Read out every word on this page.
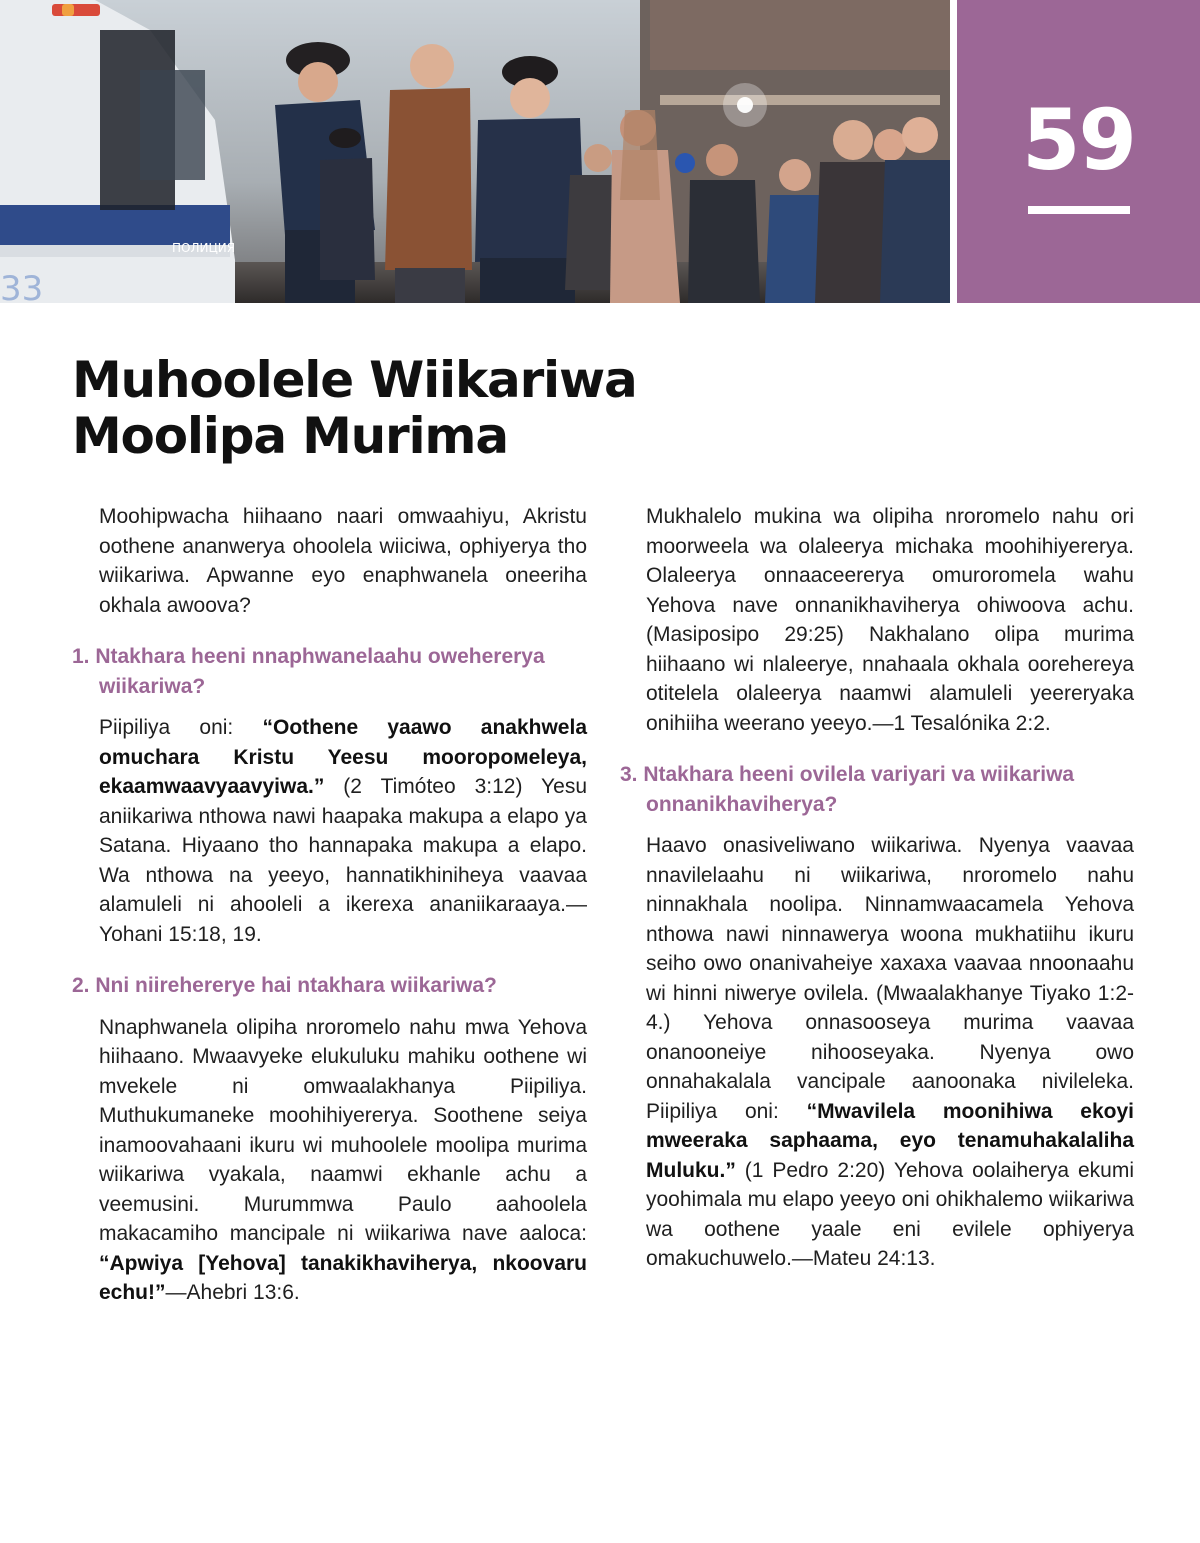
ПОЛИЦИЯ
33
59
Muhoolele Wiikariwa
Moolipa Murima

Moohipwacha hiihaano naari omwaahiyu, Akristu oothene ananwerya ohoolela wiiciwa, ophiyerya tho wiikariwa. Apwanne eyo enaphwanela oneeriha okhala awoova?

1. Ntakhara heeni nnaphwanelaahu owehererya wiikariwa?

Piipiliya oni: “Oothene yaawo anakhwela omuchara Kristu Yeesu mooroромeleya, ekaamwaavyaavyiwa.” (2 Timóteo 3:12) Yesu aniikariwa nthowa nawi haapaka makupa a elapo ya Satana. Hiyaano tho hannapaka makupa a elapo. Wa nthowa na yeeyo, hannatikhiniheya vaavaa alamuleli ni ahooleli a ikerexa ananiikaraaya.—Yohani 15:18, 19.

2. Nni niirehererye hai ntakhara wiikariwa?

Nnaphwanela olipiha nroromelo nahu mwa Yehova hiihaano. Mwaavyeke elukuluku mahiku oothene wi mvekele ni omwaalakhanya Piipiliya. Muthukumaneke moohihiyererya. Soothene seiya inamoovahaani ikuru wi muhoolele moolipa murima wiikariwa vyakala, naamwi ekhanle achu a veemusini. Murummwa Paulo aahoolela makacamiho mancipale ni wiikariwa nave aaloca: “Apwiya [Yehova] tanakikhaviherya, nkoovaru echu!”—Ahebri 13:6.

Mukhalelo mukina wa olipiha nroromelo nahu ori moorweela wa olaleerya michaka moohihiyererya. Olaleerya onnaaceererya omuroromela wahu Yehova nave onnanikhaviherya ohiwoova achu. (Masiposipo 29:25) Nakhalano olipa murima hiihaano wi nlaleerye, nnahaala okhala oorehereya otitelela olaleerya naamwi alamuleli yeereryaka onihiiha weerano yeeyo.—1 Tesalónika 2:2.

3. Ntakhara heeni ovilela variyari va wiikariwa onnanikhaviherya?

Haavo onasiveliwano wiikariwa. Nyenya vaavaa nnavilelaahu ni wiikariwa, nroromelo nahu ninnakhala noolipa. Ninnamwaacamela Yehova nthowa nawi ninnawerya woona mukhatiihu ikuru seiho owo onanivaheiye xaxaxa vaavaa nnoonaahu wi hinni niwerye ovilela. (Mwaalakhanye Tiyako 1:2-4.) Yehova onnasooseya murima vaavaa onanooneiye nihooseyaka. Nyenya owo onnahakalala vancipale aanoonaka nivileleka. Piipiliya oni: “Mwavilela moonihiwa ekoyi mweeraka saphaama, eyo tenamuhakalaliha Muluku.” (1 Pedro 2:20) Yehova oolaiherya ekumi yoohimala mu elapo yeeyo oni ohikhalemo wiikariwa wa oothene yaale eni evilele ophiyerya omakuchuwelo.—Mateu 24:13.
